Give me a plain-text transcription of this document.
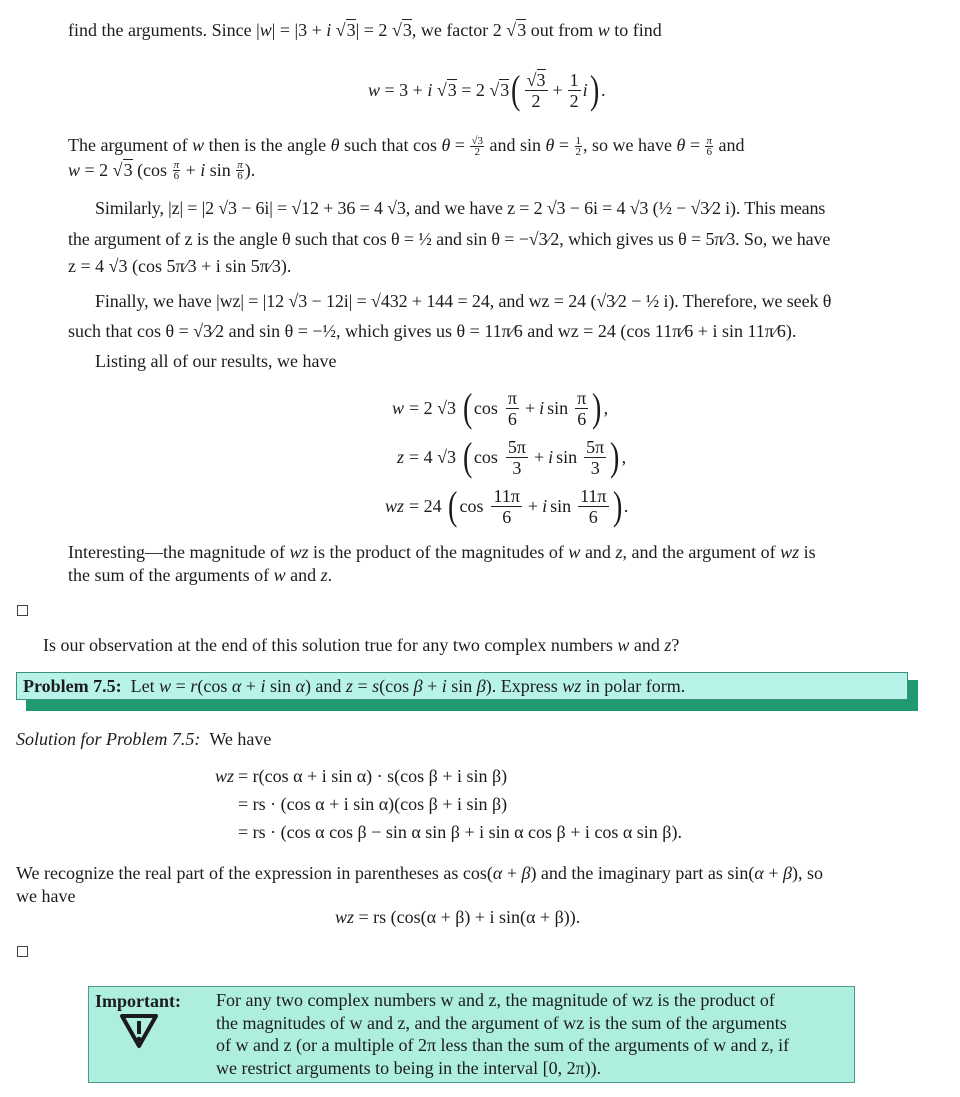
find the arguments. Since |w| = |3 + i √3| = 2 √3, we factor 2 √3 out from w to find
w = 3 + i
√3 = 2 √3 ( √3
2
+ $\frac{1}{2}$ i ) .
The argument of w then is the angle θ such that $\cos \theta = \frac{√3}{2}$ and $\sin \theta = \frac{1}{2}$ , so we have $\theta = \frac{\pi}{6}$ and
w = 2 √3 ($\cos \frac{\pi}{6} + i$ $\sin \frac{\pi}{6}$ ).
Similarly, |z| = |2 √3 − 6i| = √12 + 36 = 4 √3, and we have z = 2 √3 − 6i = 4 √3 (½ − √3⁄2 i). This means
the argument of z is the angle θ such that cos θ = ½ and sin θ = −√3⁄2, which gives us θ = 5π⁄3. So, we have
z = 4 √3 (cos 5π⁄3 + i sin 5π⁄3).
Finally, we have |wz| = |12 √3 − 12i| = √432 + 144 = 24, and wz = 24 (√3⁄2 − ½ i). Therefore, we seek θ
such that cos θ = √3⁄2 and sin θ = −½, which gives us θ = 11π⁄6 and wz = 24 (cos 11π⁄6 + i sin 11π⁄6).
Listing all of our results, we have
w = 2 √3 ( $\cos \frac{\pi}{6} + i$ $\sin \frac{\pi}{6}$ ) ,
z = 4 √3 ( $\cos \frac{5\pi}{3} + i$ $\sin \frac{5\pi}{3}$ ) ,
wz = 24 ( $\cos \frac{11\pi}{6} + i$ $\sin \frac{11\pi}{6}$ ) .
Interesting—the magnitude of wz is the product of the magnitudes of w and z, and the argument of wz is
the sum of the arguments of w and z.
Is our observation at the end of this solution true for any two complex numbers w and z?
Problem 7.5:  Let w = r(cos α + i sin α) and z = s(cos β + i sin β). Express wz in polar form.
Solution for Problem 7.5: We have
wz = r(cos α + i sin α) · s(cos β + i sin β)
= rs · (cos α + i sin α)(cos β + i sin β)
= rs · (cos α cos β − sin α sin β + i sin α cos β + i cos α sin β).
We recognize the real part of the expression in parentheses as cos(α + β) and the imaginary part as sin(α + β), so
we have
wz = rs (cos(α + β) + i sin(α + β)).
Important: For any two complex numbers w and z, the magnitude of wz is the product of
the magnitudes of w and z, and the argument of wz is the sum of the arguments
of w and z (or a multiple of 2π less than the sum of the arguments of w and z, if
we restrict arguments to being in the interval [0, 2π)).
